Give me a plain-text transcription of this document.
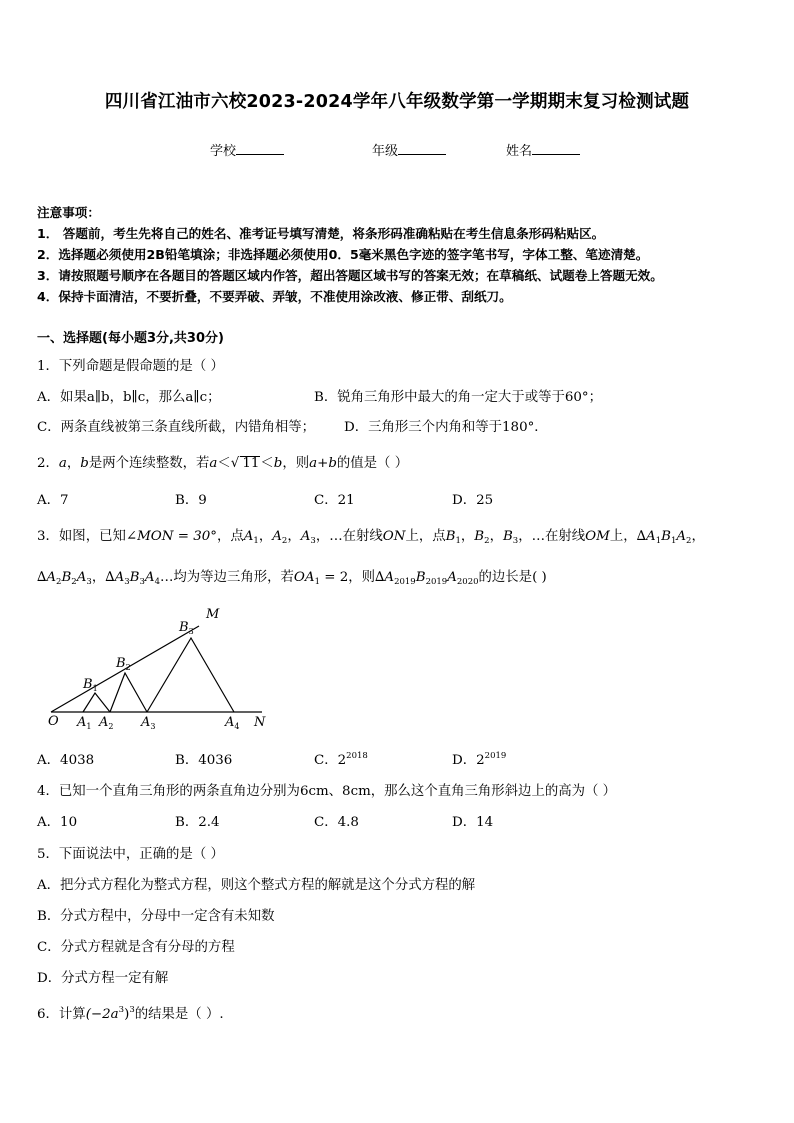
四川省江油市六校2023-2024学年八年级数学第一学期期末复习检测试题
学校	年级	姓名
注意事项：
1． 答题前，考生先将自己的姓名、准考证号填写清楚，将条形码准确粘贴在考生信息条形码粘贴区。
2．选择题必须使用2B铅笔填涂；非选择题必须使用0．5毫米黑色字迹的签字笔书写，字体工整、笔迹清楚。
3．请按照题号顺序在各题目的答题区域内作答，超出答题区域书写的答案无效；在草稿纸、试题卷上答题无效。
4．保持卡面清洁，不要折叠，不要弄破、弄皱，不准使用涂改液、修正带、刮纸刀。
一、选择题(每小题3分,共30分)
1．下列命题是假命题的是（ ）
A．如果a∥b，b∥c，那么a∥c；	B．锐角三角形中最大的角一定大于或等于60°；
C．两条直线被第三条直线所截，内错角相等； D．三角形三个内角和等于180°．
2．a，b是两个连续整数，若a＜√ 11＜b，则a+b的值是（ ）
A．7	B．9	C．21	D．25
3．如图，已知∠MON = 30°，点$A_1$，$A_2$，$A_3$，…在射线ON上，点$B_1$，$B_2$，$B_3$，…在射线OM上，$\Delta A_1B_1A_2$，
$\Delta A_2B_2A_3$，$\Delta A_3B_3A_4\dots$均为等边三角形，若$OA_1 = 2$，则$\Delta A_{2019}B_{2019}A_{2020}$的边长是( )
O
M
N
$A_1$ $A_2$ $A_3$	$A_4$
$B_1$
$B_2$
$B_3$
A．4038	B．4036	C．$2^{2018}$	D．$2^{2019}$
4．已知一个直角三角形的两条直角边分别为6cm、8cm，那么这个直角三角形斜边上的高为（ ）
A．10	B．2.4	C．4.8	D．14
5．下面说法中，正确的是（ ）
A．把分式方程化为整式方程，则这个整式方程的解就是这个分式方程的解
B．分式方程中，分母中一定含有未知数
C．分式方程就是含有分母的方程
D．分式方程一定有解
6．计算$(-2a^3)^3$的结果是（ ）.
